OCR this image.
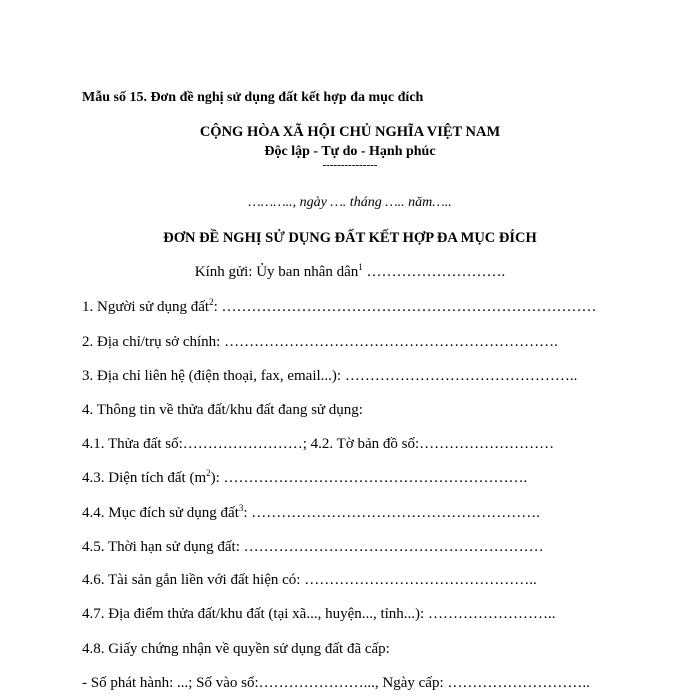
Mẫu số 15. Đơn đề nghị sử dụng đất kết hợp đa mục đích
CỘNG HÒA XÃ HỘI CHỦ NGHĨA VIỆT NAM
Độc lập - Tự do - Hạnh phúc
---------------
……….., ngày …. tháng ….. năm…..
ĐƠN ĐỀ NGHỊ SỬ DỤNG ĐẤT KẾT HỢP ĐA MỤC ĐÍCH
Kính gửi: Ủy ban nhân dân$^1$ ……………………….
1. Người sử dụng đất$^2$: …………………………………………………………………
2. Địa chỉ/trụ sở chính: ………………………………………………………….
3. Địa chỉ liên hệ (điện thoại, fax, email...): ………………………………………..
4. Thông tin về thửa đất/khu đất đang sử dụng:
4.1. Thửa đất số:……………………; 4.2. Tờ bản đồ số:………………………
4.3. Diện tích đất $(m^2)$: …………………………………………………….
4.4. Mục đích sử dụng đất$^3$: ………………………………………………….
4.5. Thời hạn sử dụng đất: ……………………………………………………
4.6. Tài sản gắn liền với đất hiện có: ………………………………………..
4.7. Địa điểm thửa đất/khu đất (tại xã..., huyện..., tỉnh...): ……………………..
4.8. Giấy chứng nhận về quyền sử dụng đất đã cấp:
- Số phát hành: ...; Số vào số:…………………..., Ngày cấp: ………………………..
